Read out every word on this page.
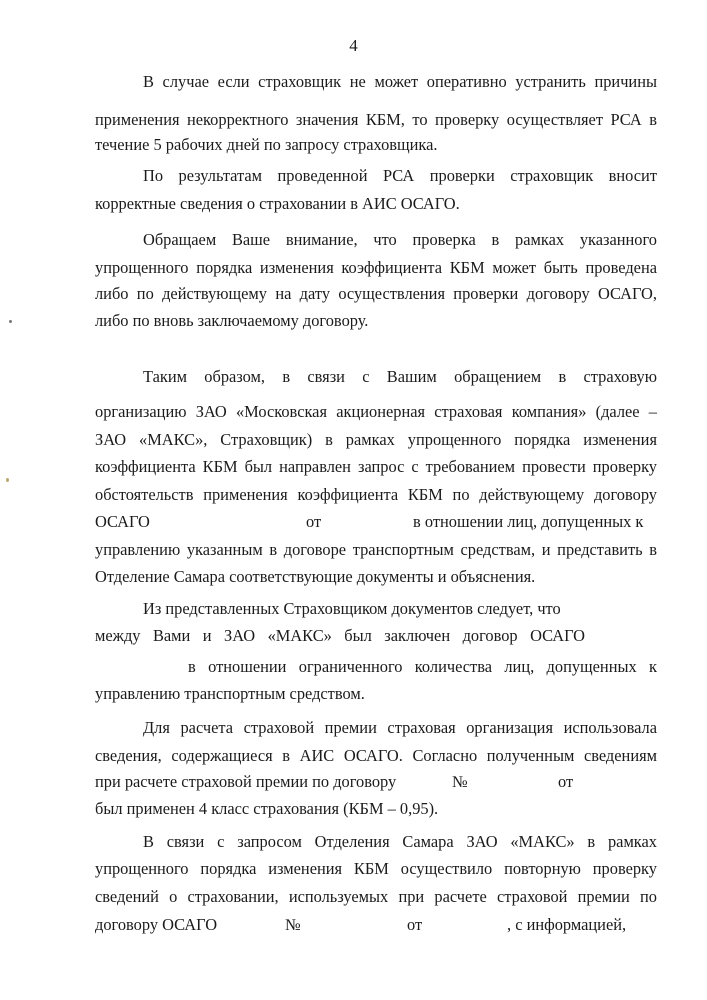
4
В случае если страховщик не может оперативно устранить причины
применения некорректного значения КБМ, то проверку осуществляет РСА в
течение 5 рабочих дней по запросу страховщика.
По результатам проведенной РСА проверки страховщик вносит
корректные сведения о страховании в АИС ОСАГО.
Обращаем Ваше внимание, что проверка в рамках указанного
упрощенного порядка изменения коэффициента КБМ может быть проведена
либо по действующему на дату осуществления проверки договору ОСАГО,
либо по вновь заключаемому договору.
Таким образом, в связи с Вашим обращением в страховую
организацию ЗАО «Московская акционерная страховая компания» (далее –
ЗАО «МАКС», Страховщик) в рамках упрощенного порядка изменения
коэффициента КБМ был направлен запрос с требованием провести проверку
обстоятельств применения коэффициента КБМ по действующему договору
ОСАГО	от	в отношении лиц, допущенных к
управлению указанным в договоре транспортным средствам, и представить в
Отделение Самара соответствующие документы и объяснения.
Из представленных Страховщиком документов следует, что
между Вами и ЗАО «МАКС» был заключен договор ОСАГО
в отношении ограниченного количества лиц, допущенных к
управлению транспортным средством.
Для расчета страховой премии страховая организация использовала
сведения, содержащиеся в АИС ОСАГО. Согласно полученным сведениям
при расчете страховой премии по договору	№	от
был применен 4 класс страхования (КБМ – 0,95).
В связи с запросом Отделения Самара ЗАО «МАКС» в рамках
упрощенного порядка изменения КБМ осуществило повторную проверку
сведений о страховании, используемых при расчете страховой премии по
договору ОСАГО	№	от	, с информацией,
